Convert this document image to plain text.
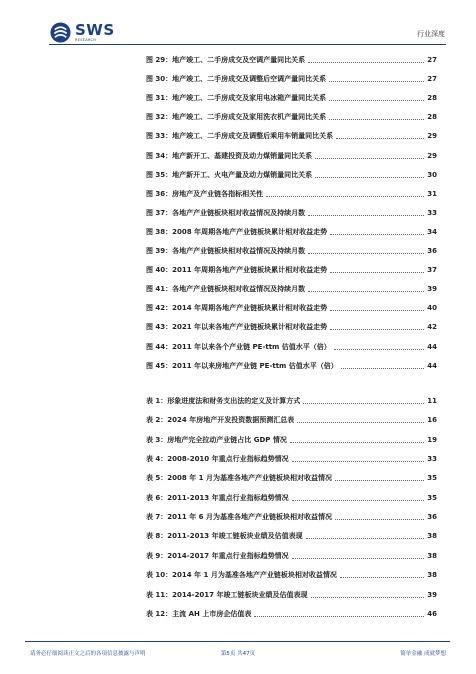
SWS
RESEARCH
行业深度
图 29：地产竣工、二手房成交及空调产量同比关系	27
图 30：地产竣工、二手房成交及调整后空调产量同比关系	27
图 31：地产竣工、二手房成交及家用电冰箱产量同比关系	28
图 32：地产竣工、二手房成交及家用洗衣机产量同比关系	28
图 33：地产竣工、二手房成交及调整后乘用车销量同比关系	29
图 34：地产新开工、基建投资及动力煤销量同比关系	29
图 35：地产新开工、火电产量及动力煤销量同比关系	30
图 36：房地产及产业链各指标相关性	31
图 37：各地产产业链板块相对收益情况及持续月数	33
图 38：2008 年周期各地产产业链板块累计相对收益走势	34
图 39：各地产产业链板块相对收益情况及持续月数	36
图 40：2011 年周期各地产产业链板块累计相对收益走势	37
图 41：各地产产业链板块相对收益情况及持续月数	39
图 42：2014 年周期各地产产业链板块累计相对收益走势	40
图 43：2021 年以来各地产产业链板块累计相对收益走势	42
图 44：2011 年以来各个产业链 PE-ttm 估值水平（倍）	44
图 45：2011 年以来房地产产业链 PE-ttm 估值水平（倍）	44
表 1：形象进度法和财务支出法的定义及计算方式	11
表 2：2024 年房地产开发投资数据预测汇总表	16
表 3：房地产完全拉动产业链占比 GDP 情况	19
表 4：2008-2010 年重点行业指标趋势情况	33
表 5：2008 年 1 月为基准各地产产业链板块相对收益情况	35
表 6：2011-2013 年重点行业指标趋势情况	35
表 7：2011 年 6 月为基准各地产产业链板块相对收益情况	36
表 8：2011-2013 年竣工链板块业绩及估值表现	38
表 9：2014-2017 年重点行业指标趋势情况	38
表 10：2014 年 1 月为基准各地产产业链板块相对收益情况	38
表 11：2014-2017 年竣工链板块业绩及估值表现	39
表 12：主流 AH 上市房企估值表	46
请务必仔细阅读正文之后的各项信息披露与声明	第5页 共47页	简单金融 成就梦想
